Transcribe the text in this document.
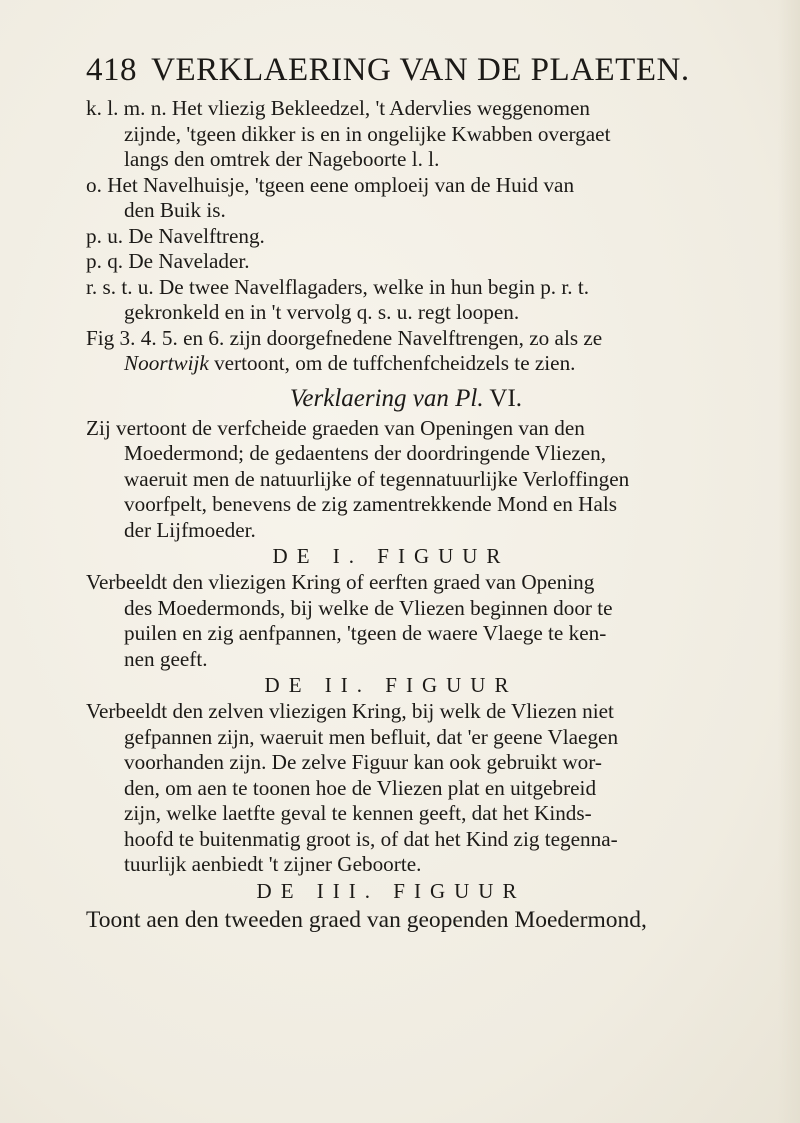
418 VERKLAERING VAN DE PLAETEN.
k. l. m. n. Het vliezig Bekleedzel, 't Adervlies weggenomen
zijnde, 'tgeen dikker is en in ongelijke Kwabben overgaet
langs den omtrek der Nageboorte l. l.
o. Het Navelhuisje, 'tgeen eene omploeij van de Huid van
den Buik is.
p. u. De Navelftreng.
p. q. De Navelader.
r. s. t. u. De twee Navelflagaders, welke in hun begin p. r. t.
gekronkeld en in 't vervolg q. s. u. regt loopen.
Fig 3. 4. 5. en 6. zijn doorgefnedene Navelftrengen, zo als ze
Noortwijk vertoont, om de tuffchenfcheidzels te zien.
Verklaering van Pl. VI.
Zij vertoont de verfcheide graeden van Openingen van den
Moedermond; de gedaentens der doordringende Vliezen,
waeruit men de natuurlijke of tegennatuurlijke Verloffingen
voorfpelt, benevens de zig zamentrekkende Mond en Hals
der Lijfmoeder.
DE I. FIGUUR
Verbeeldt den vliezigen Kring of eerften graed van Opening
des Moedermonds, bij welke de Vliezen beginnen door te
puilen en zig aenfpannen, 'tgeen de waere Vlaege te ken-
nen geeft.
DE II. FIGUUR
Verbeeldt den zelven vliezigen Kring, bij welk de Vliezen niet
gefpannen zijn, waeruit men befluit, dat 'er geene Vlaegen
voorhanden zijn. De zelve Figuur kan ook gebruikt wor-
den, om aen te toonen hoe de Vliezen plat en uitgebreid
zijn, welke laetfte geval te kennen geeft, dat het Kinds-
hoofd te buitenmatig groot is, of dat het Kind zig tegenna-
tuurlijk aenbiedt 't zijner Geboorte.
DE III. FIGUUR
Toont aen den tweeden graed van geopenden Moedermond,
